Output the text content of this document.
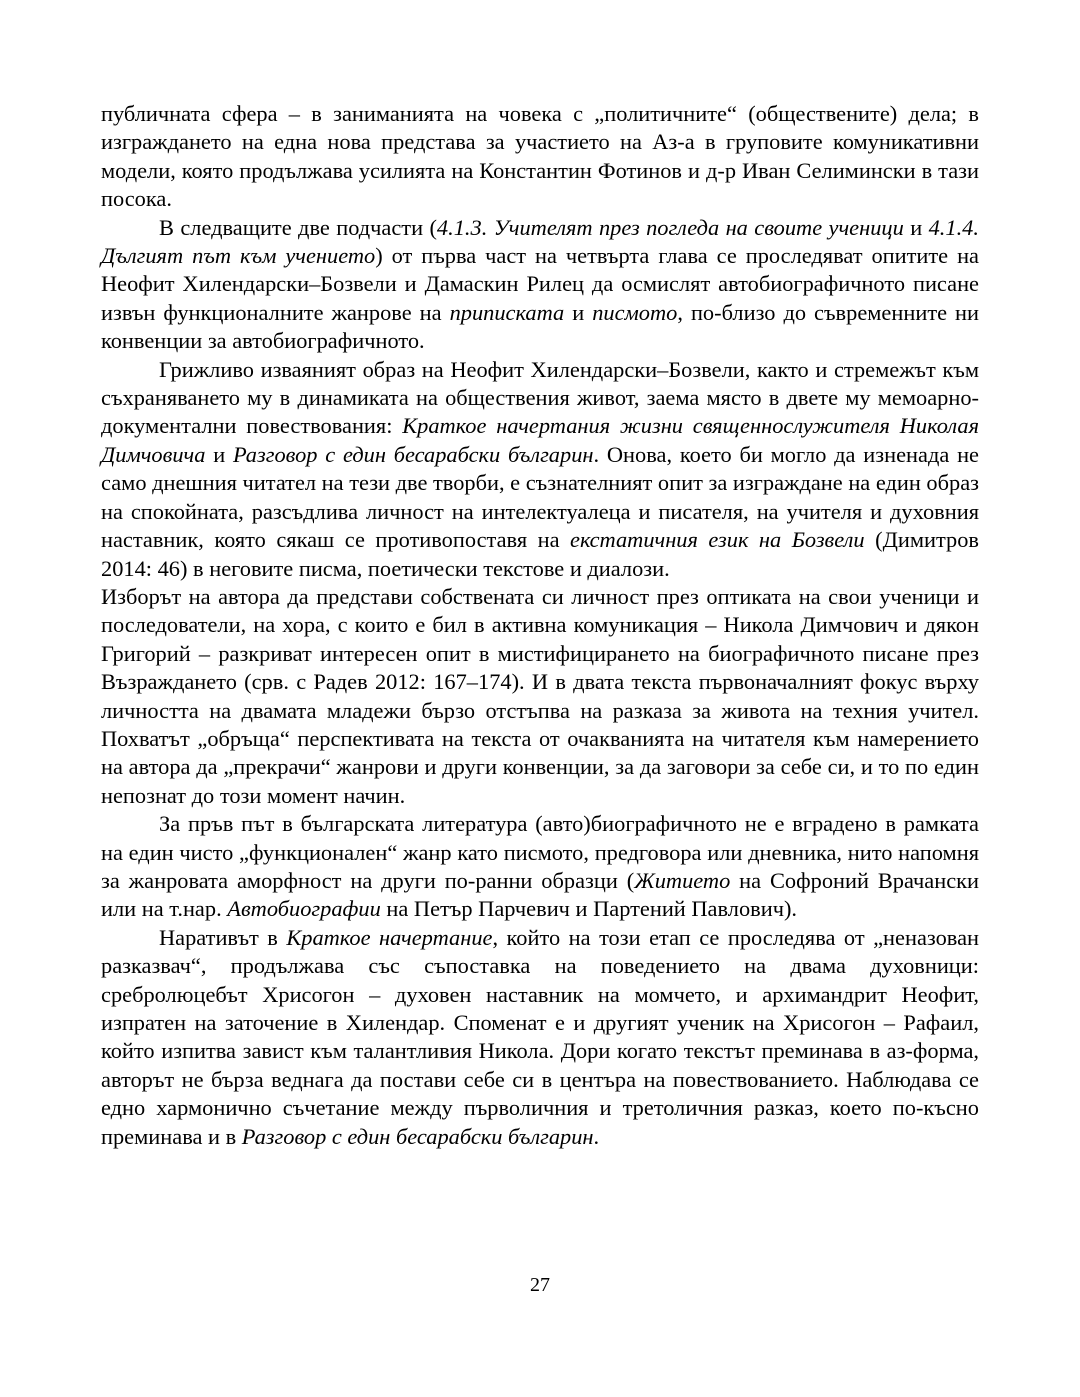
публичната сфера – в заниманията на човека с „политичните“ (обществените) дела; в изграждането на една нова представа за участието на Аз-а в груповите комуникативни модели, която продължава усилията на Константин Фотинов и д-р Иван Селимински в тази посока.

В следващите две подчасти (4.1.3. Учителят през погледа на своите ученици и 4.1.4. Дългият път към учението) от първа част на четвърта глава се проследяват опитите на Неофит Хилендарски–Бозвели и Дамаскин Рилец да осмислят автобиографичното писане извън функционалните жанрове на приписката и писмото, по-близо до съвременните ни конвенции за автобиографичното.

Грижливо изваяният образ на Неофит Хилендарски–Бозвели, както и стремежът към съхраняването му в динамиката на обществения живот, заема място в двете му мемоарно-документални повествования: Краткое начертания жизни священнослужителя Николая Димчовича и Разговор с един бесарабски българин. Онова, което би могло да изненада не само днешния читател на тези две творби, е съзнателният опит за изграждане на един образ на спокойната, разсъдлива личност на интелектуалеца и писателя, на учителя и духовния наставник, която сякаш се противопоставя на екстатичния език на Бозвели (Димитров 2014: 46) в неговите писма, поетически текстове и диалози.

Изборът на автора да представи собствената си личност през оптиката на свои ученици и последователи, на хора, с които е бил в активна комуникация – Никола Димчович и дякон Григорий – разкриват интересен опит в мистифицирането на биографичното писане през Възраждането (срв. с Радев 2012: 167–174). И в двата текста първоначалният фокус върху личността на двамата младежи бързо отстъпва на разказа за живота на техния учител. Похватът „обръща“ перспективата на текста от очакванията на читателя към намерението на автора да „прекрачи“ жанрови и други конвенции, за да заговори за себе си, и то по един непознат до този момент начин.

За пръв път в българската литература (авто)биографичното не е вградено в рамката на един чисто „функционален“ жанр като писмото, предговора или дневника, нито напомня за жанровата аморфност на други по-ранни образци (Житието на Софроний Врачански или на т.нар. Автобиографии на Петър Парчевич и Партений Павлович).

Наративът в Краткое начертание, който на този етап се проследява от „неназован разказвач“, продължава със съпоставка на поведението на двама духовници: сребролюцебът Хрисогон – духовен наставник на момчето, и архимандрит Неофит, изпратен на заточение в Хилендар. Споменат е и другият ученик на Хрисогон – Рафаил, който изпитва завист към талантливия Никола. Дори когато текстът преминава в аз-форма, авторът не бърза веднага да постави себе си в центъра на повествованието. Наблюдава се едно хармонично съчетание между първоличния и третоличния разказ, което по-късно преминава и в Разговор с един бесарабски българин.

27
